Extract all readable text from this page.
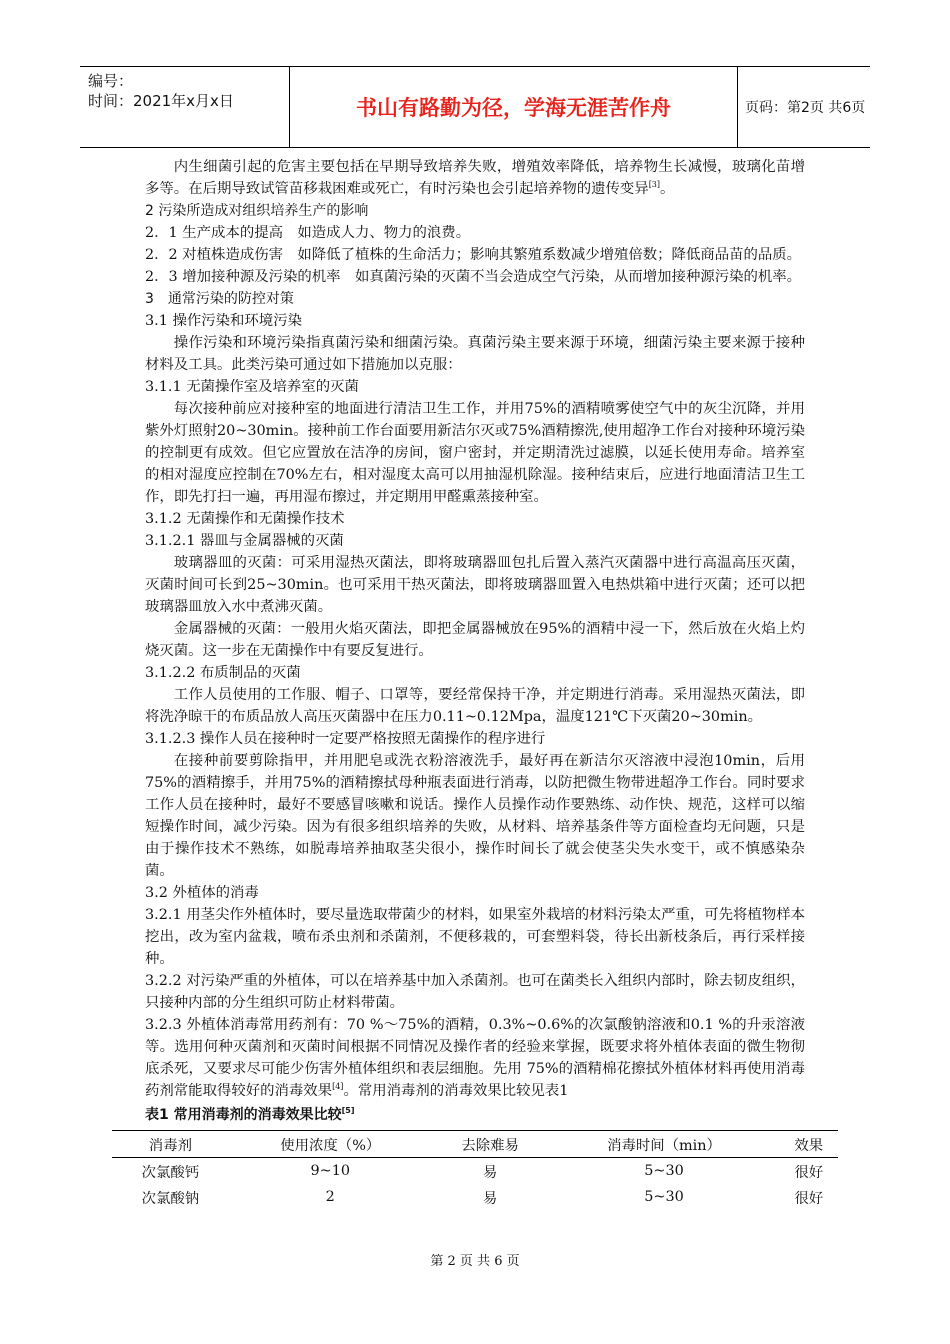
编号：
时间：2021年x月x日	书山有路勤为径，学海无涯苦作舟	页码：第2页 共6页

内生细菌引起的危害主要包括在早期导致培养失败，增殖效率降低，培养物生长减慢，玻璃化苗增多等。在后期导致试管苗移栽困难或死亡，有时污染也会引起培养物的遗传变异[3]。

2 污染所造成对组织培养生产的影响

2．1 生产成本的提高　如造成人力、物力的浪费。

2．2 对植株造成伤害　如降低了植株的生命活力；影响其繁殖系数减少增殖倍数；降低商品苗的品质。

2．3 增加接种源及污染的机率　如真菌污染的灭菌不当会造成空气污染，从而增加接种源污染的机率。

3　通常污染的防控对策

3.1 操作污染和环境污染

操作污染和环境污染指真菌污染和细菌污染。真菌污染主要来源于环境，细菌污染主要来源于接种材料及工具。此类污染可通过如下措施加以克服：

3.1.1 无菌操作室及培养室的灭菌

每次接种前应对接种室的地面进行清洁卫生工作，并用75%的酒精喷雾使空气中的灰尘沉降，并用紫外灯照射20~30min。接种前工作台面要用新洁尔灭或75%酒精擦洗,使用超净工作台对接种环境污染的控制更有成效。但它应置放在洁净的房间，窗户密封，并定期清洗过滤膜，以延长使用寿命。培养室的相对湿度应控制在70%左右，相对湿度太高可以用抽湿机除湿。接种结束后，应进行地面清洁卫生工作，即先打扫一遍，再用湿布擦过，并定期用甲醛熏蒸接种室。

3.1.2 无菌操作和无菌操作技术

3.1.2.1 器皿与金属器械的灭菌

玻璃器皿的灭菌：可采用湿热灭菌法，即将玻璃器皿包扎后置入蒸汽灭菌器中进行高温高压灭菌，灭菌时间可长到25~30min。也可采用干热灭菌法，即将玻璃器皿置入电热烘箱中进行灭菌；还可以把玻璃器皿放入水中煮沸灭菌。

金属器械的灭菌：一般用火焰灭菌法，即把金属器械放在95%的酒精中浸一下，然后放在火焰上灼烧灭菌。这一步在无菌操作中有要反复进行。

3.1.2.2 布质制品的灭菌

工作人员使用的工作服、帽子、口罩等，要经常保持干净，并定期进行消毒。采用湿热灭菌法，即将洗净晾干的布质品放人高压灭菌器中在压力0.11~0.12Mpa，温度121℃下灭菌20~30min。

3.1.2.3 操作人员在接种时一定要严格按照无菌操作的程序进行

在接种前要剪除指甲，并用肥皂或洗衣粉溶液洗手，最好再在新洁尔灭溶液中浸泡10min，后用75%的酒精擦手，并用75%的酒精擦拭母种瓶表面进行消毒，以防把微生物带进超净工作台。同时要求工作人员在接种时，最好不要感冒咳嗽和说话。操作人员操作动作要熟练、动作快、规范，这样可以缩短操作时间，减少污染。因为有很多组织培养的失败，从材料、培养基条件等方面检查均无问题，只是由于操作技术不熟练，如脱毒培养抽取茎尖很小，操作时间长了就会使茎尖失水变干，或不慎感染杂菌。

3.2 外植体的消毒

3.2.1 用茎尖作外植体时，要尽量选取带菌少的材料，如果室外栽培的材料污染太严重，可先将植物样本挖出，改为室内盆栽，喷布杀虫剂和杀菌剂，不便移栽的，可套塑料袋，待长出新枝条后，再行采样接种。

3.2.2 对污染严重的外植体，可以在培养基中加入杀菌剂。也可在菌类长入组织内部时，除去韧皮组织，只接种内部的分生组织可防止材料带菌。

3.2.3 外植体消毒常用药剂有：70 %～75%的酒精，0.3%~0.6%的次氯酸钠溶液和0.1 %的升汞溶液等。选用何种灭菌剂和灭菌时间根据不同情况及操作者的经验来掌握，既要求将外植体表面的微生物彻底杀死，又要求尽可能少伤害外植体组织和表层细胞。先用 75%的酒精棉花擦拭外植体材料再使用消毒药剂常能取得较好的消毒效果[4]。常用消毒剂的消毒效果比较见表1

表1 常用消毒剂的消毒效果比较[5]

消毒剂	使用浓度（%）	去除难易	消毒时间（min）	效果
次氯酸钙	9~10	易	5~30	很好
次氯酸钠	2	易	5~30	很好
第 2 页 共 6 页
